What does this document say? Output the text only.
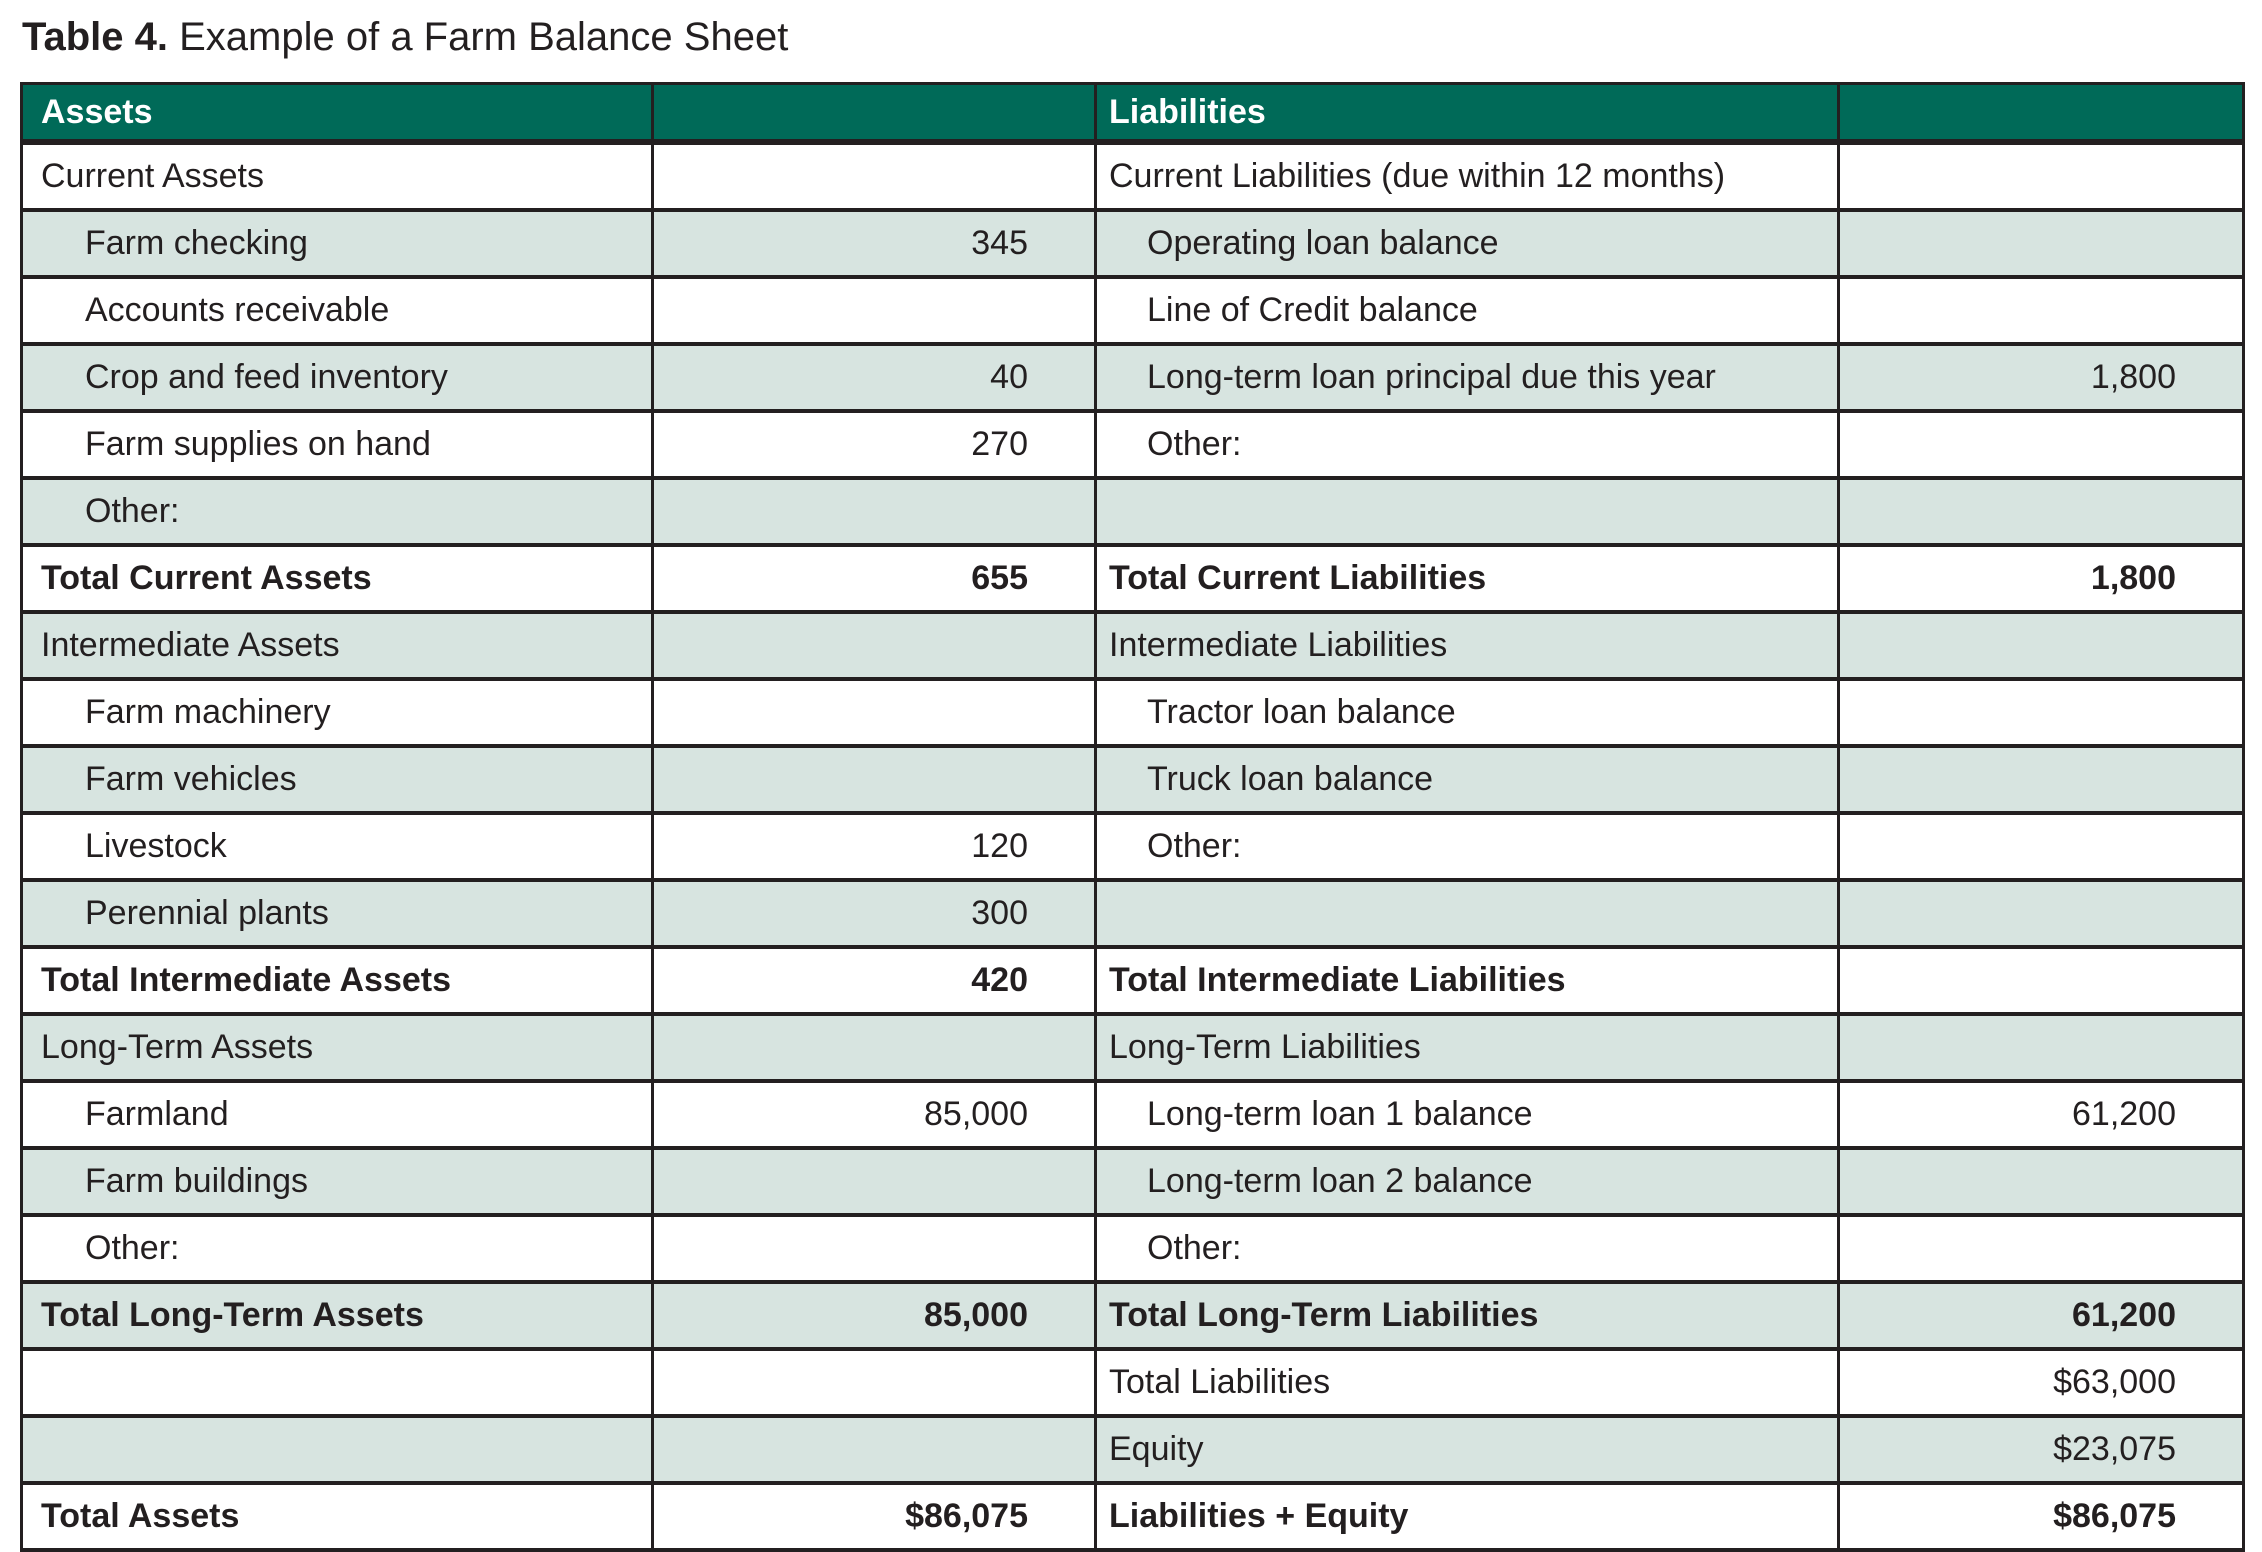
Table 4. Example of a Farm Balance Sheet
Assets		Liabilities	
Current Assets		Current Liabilities (due within 12 months)	
Farm checking	345	Operating loan balance	
Accounts receivable		Line of Credit balance	
Crop and feed inventory	40	Long-term loan principal due this year	1,800
Farm supplies on hand	270	Other:	
Other:			
Total Current Assets	655	Total Current Liabilities	1,800
Intermediate Assets		Intermediate Liabilities	
Farm machinery		Tractor loan balance	
Farm vehicles		Truck loan balance	
Livestock	120	Other:	
Perennial plants	300		
Total Intermediate Assets	420	Total Intermediate Liabilities	
Long-Term Assets		Long-Term Liabilities	
Farmland	85,000	Long-term loan 1 balance	61,200
Farm buildings		Long-term loan 2 balance	
Other:		Other:	
Total Long-Term Assets	85,000	Total Long-Term Liabilities	61,200
		Total Liabilities	$63,000
		Equity	$23,075
Total Assets	$86,075	Liabilities + Equity	$86,075
